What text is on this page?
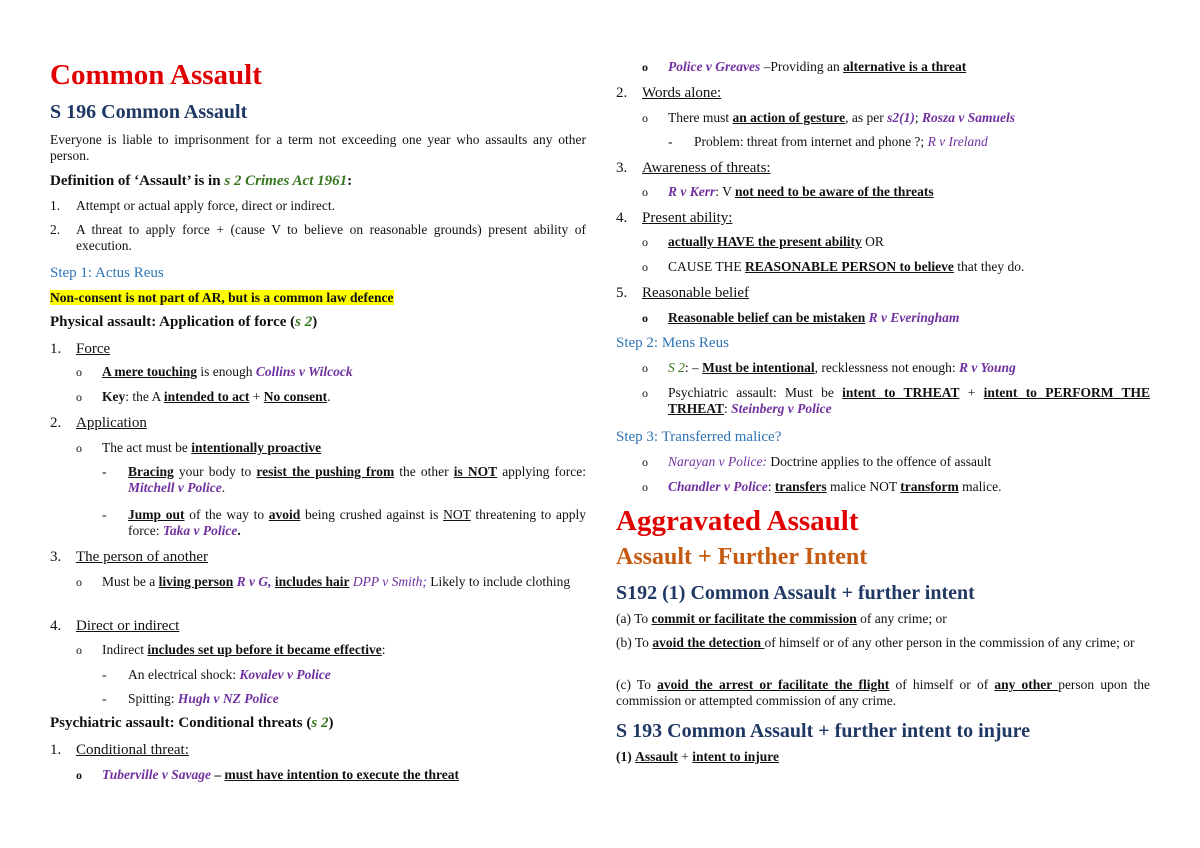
Common Assault
S 196 Common Assault
Everyone is liable to imprisonment for a term not exceeding one year who assaults any other person.
Definition of ‘Assault’ is in s 2 Crimes Act 1961:
1. Attempt or actual apply force, direct or indirect.
2. A threat to apply force + (cause V to believe on reasonable grounds) present ability of execution.
Step 1: Actus Reus
Non-consent is not part of AR, but is a common law defence
Physical assault: Application of force (s 2)
1. Force
o A mere touching is enough Collins v Wilcock
o Key: the A intended to act + No consent.
2. Application
o The act must be intentionally proactive
- Bracing your body to resist the pushing from the other is NOT applying force: Mitchell v Police.
- Jump out of the way to avoid being crushed against is NOT threatening to apply force: Taka v Police.
3. The person of another
o Must be a living person R v G, includes hair DPP v Smith; Likely to include clothing
4. Direct or indirect
o Indirect includes set up before it became effective:
- An electrical shock: Kovalev v Police
- Spitting: Hugh v NZ Police
Psychiatric assault: Conditional threats (s 2)
1. Conditional threat:
o Tuberville v Savage – must have intention to execute the threat
o Police v Greaves –Providing an alternative is a threat
2. Words alone:
o There must an action of gesture, as per s2(1); Rosza v Samuels
- Problem: threat from internet and phone ?; R v Ireland
3. Awareness of threats:
o R v Kerr: V not need to be aware of the threats
4. Present ability:
o actually HAVE the present ability OR
o CAUSE THE REASONABLE PERSON to believe that they do.
5. Reasonable belief
o Reasonable belief can be mistaken R v Everingham
Step 2: Mens Reus
o S 2: – Must be intentional, recklessness not enough: R v Young
o Psychiatric assault: Must be intent to TRHEAT + intent to PERFORM THE TRHEAT: Steinberg v Police
Step 3: Transferred malice?
o Narayan v Police: Doctrine applies to the offence of assault
o Chandler v Police: transfers malice NOT transform malice.
Aggravated Assault
Assault + Further Intent
S192 (1) Common Assault + further intent
(a) To commit or facilitate the commission of any crime; or
(b) To avoid the detection of himself or of any other person in the commission of any crime; or
(c) To avoid the arrest or facilitate the flight of himself or of any other person upon the commission or attempted commission of any crime.
S 193 Common Assault + further intent to injure
(1) Assault + intent to injure
